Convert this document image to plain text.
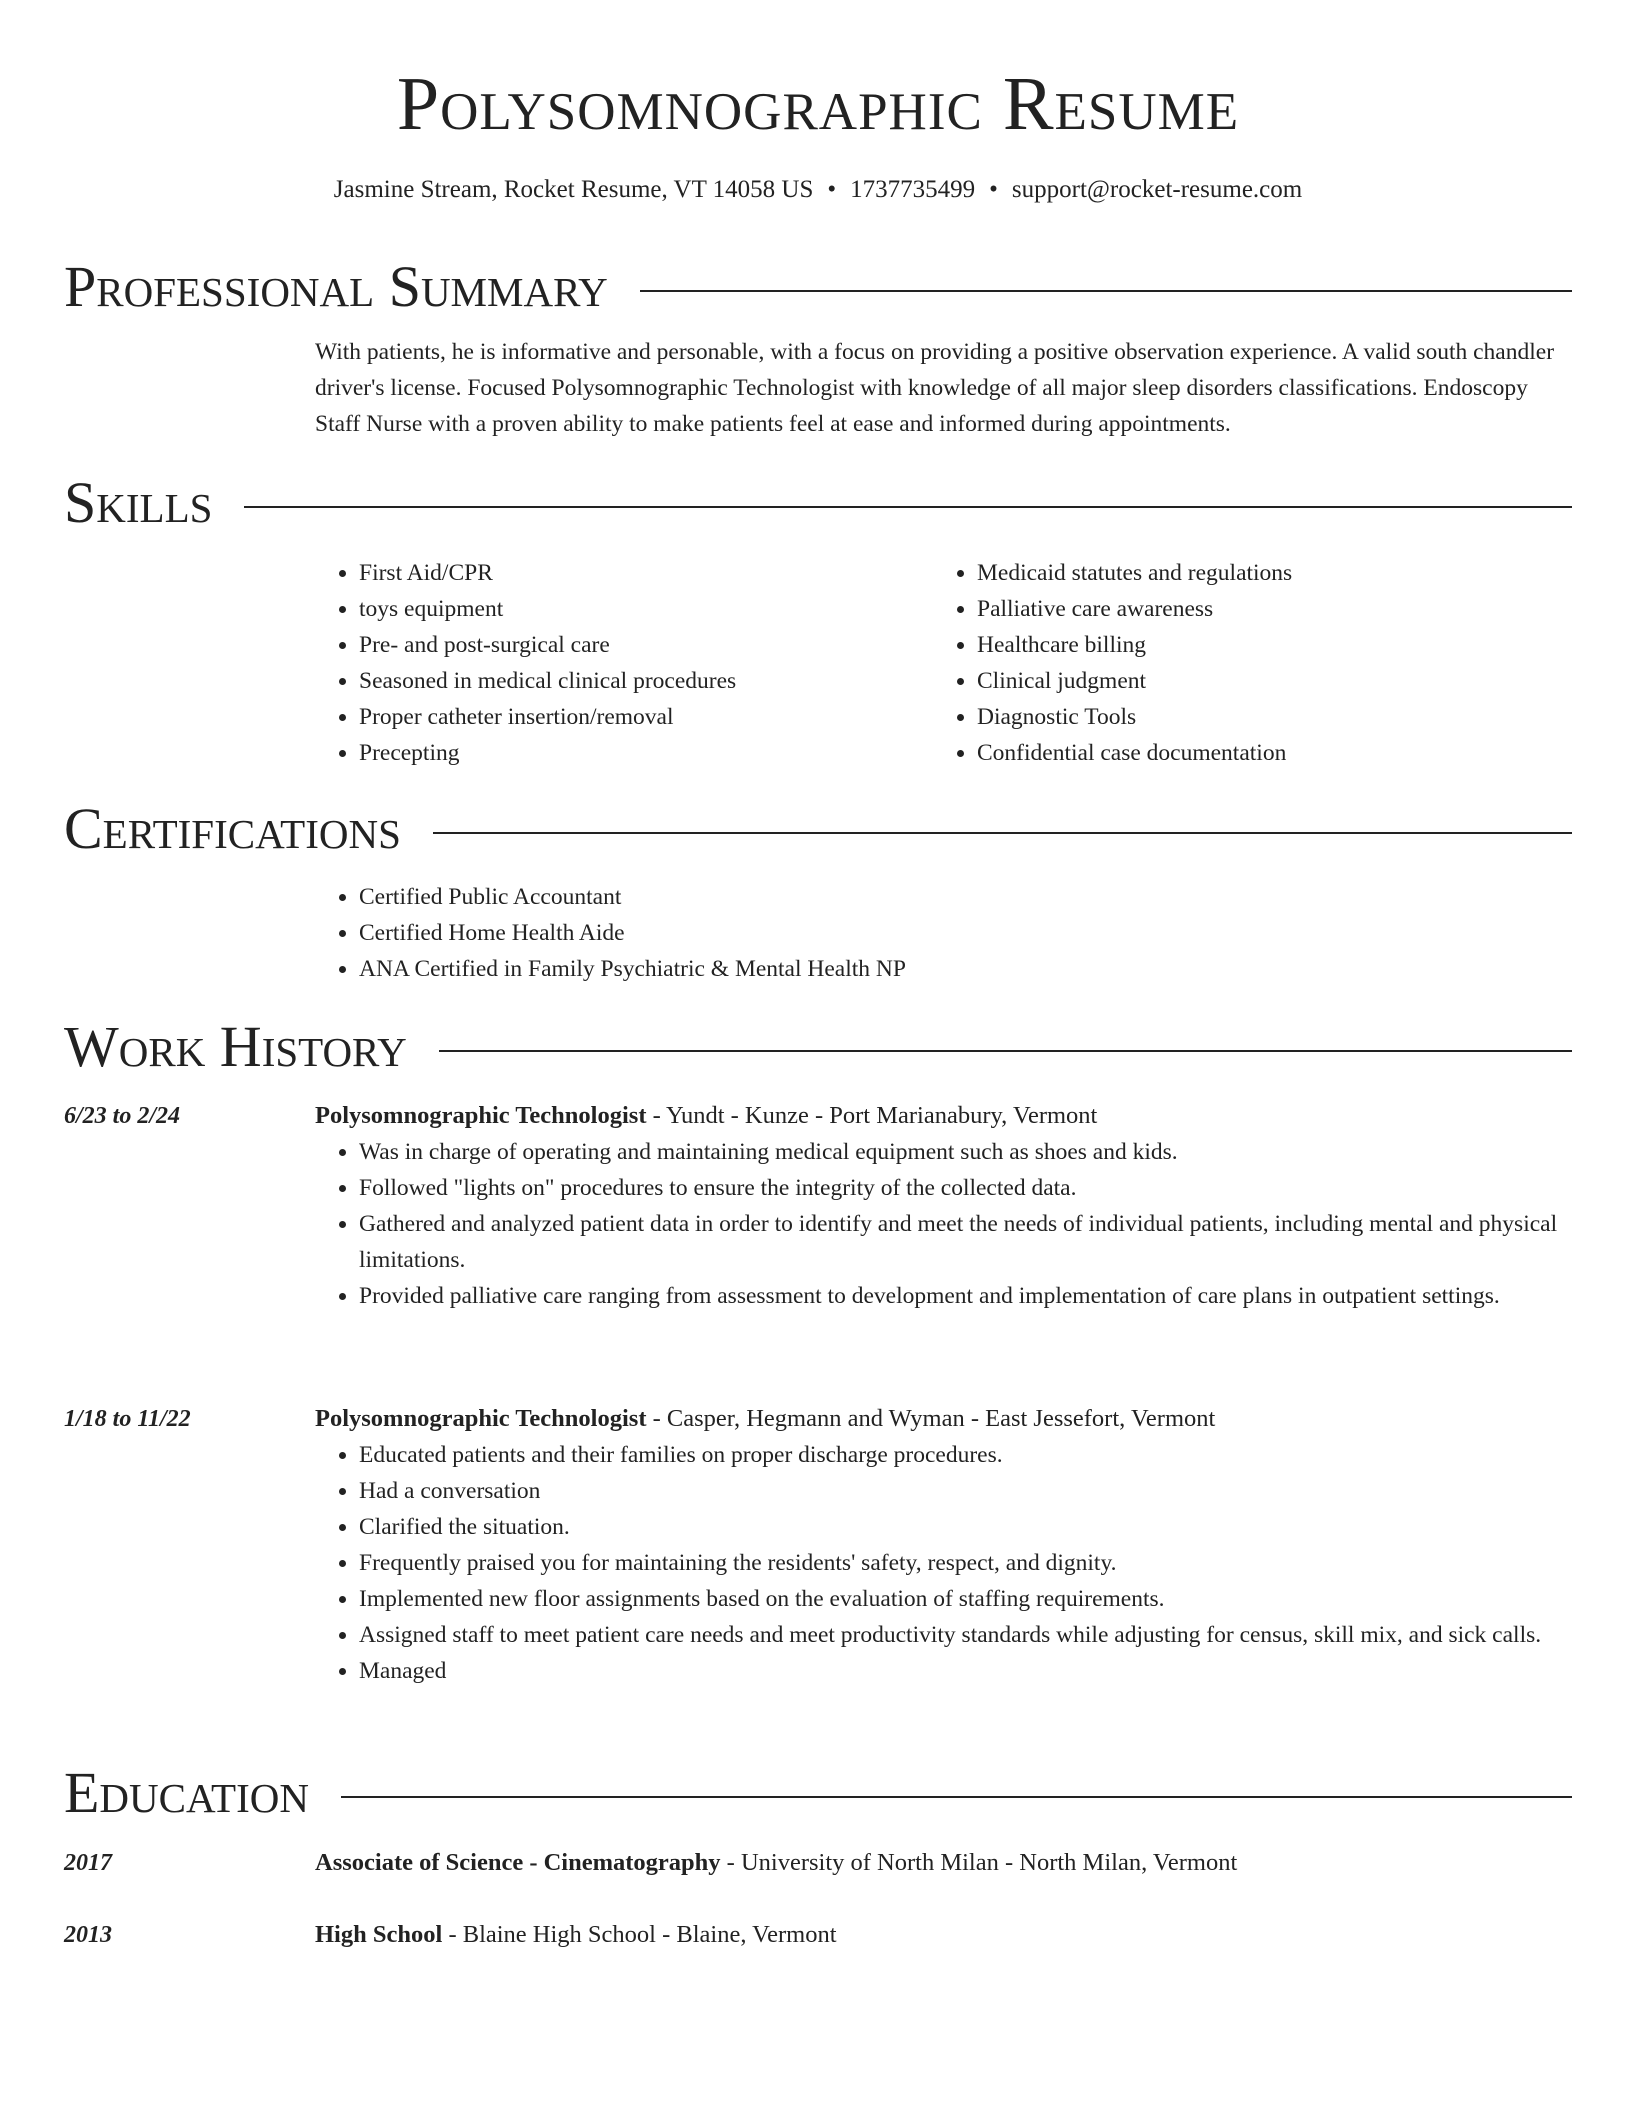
Polysomnographic Resume
Jasmine Stream, Rocket Resume, VT 14058 US • 1737735499 • support@rocket-resume.com
Professional Summary

With patients, he is informative and personable, with a focus on providing a positive observation experience. A valid south chandler driver's license. Focused Polysomnographic Technologist with knowledge of all major sleep disorders classifications. Endoscopy Staff Nurse with a proven ability to make patients feel at ease and informed during appointments.

Skills
• First Aid/CPR
• toys equipment
• Pre- and post-surgical care
• Seasoned in medical clinical procedures
• Proper catheter insertion/removal
• Precepting
• Medicaid statutes and regulations
• Palliative care awareness
• Healthcare billing
• Clinical judgment
• Diagnostic Tools
• Confidential case documentation
Certifications
• Certified Public Accountant
• Certified Home Health Aide
• ANA Certified in Family Psychiatric & Mental Health NP
Work History
6/23 to 2/24	Polysomnographic Technologist - Yundt - Kunze - Port Marianabury, Vermont
• Was in charge of operating and maintaining medical equipment such as shoes and kids.
• Followed "lights on" procedures to ensure the integrity of the collected data.
• Gathered and analyzed patient data in order to identify and meet the needs of individual patients, including mental and physical limitations.
• Provided palliative care ranging from assessment to development and implementation of care plans in outpatient settings.
1/18 to 11/22	Polysomnographic Technologist - Casper, Hegmann and Wyman - East Jessefort, Vermont
• Educated patients and their families on proper discharge procedures.
• Had a conversation
• Clarified the situation.
• Frequently praised you for maintaining the residents' safety, respect, and dignity.
• Implemented new floor assignments based on the evaluation of staffing requirements.
• Assigned staff to meet patient care needs and meet productivity standards while adjusting for census, skill mix, and sick calls.
• Managed
Education
2017	Associate of Science - Cinematography - University of North Milan - North Milan, Vermont
2013	High School - Blaine High School - Blaine, Vermont
